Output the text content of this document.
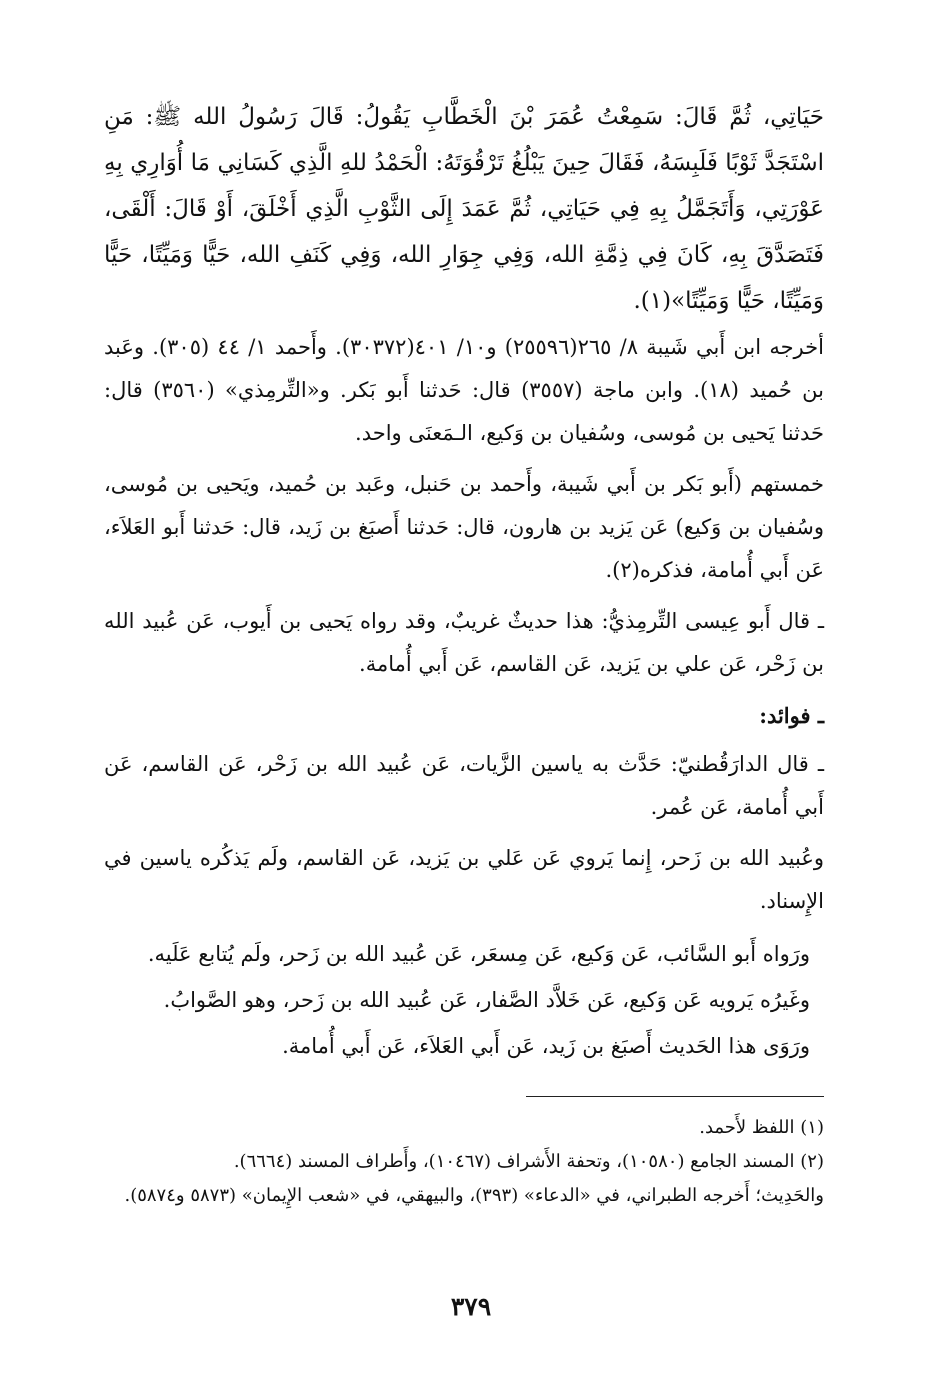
حَيَاتِي، ثُمَّ قَالَ: سَمِعْتُ عُمَرَ بْنَ الْخَطَّابِ يَقُولُ: قَالَ رَسُولُ الله ﷺ: مَنِ اسْتَجَدَّ ثَوْبًا فَلَبِسَهُ، فَقَالَ حِينَ يَبْلُغُ تَرْقُوَتَهُ: الْحَمْدُ للهِ الَّذِي كَسَانِي مَا أُوَارِي بِهِ عَوْرَتِي، وَأَتَجَمَّلُ بِهِ فِي حَيَاتِي، ثُمَّ عَمَدَ إِلَى الثَّوْبِ الَّذِي أَخْلَقَ، أَوْ قَالَ: أَلْقَى، فَتَصَدَّقَ بِهِ، كَانَ فِي ذِمَّةِ الله، وَفِي جِوَارِ الله، وَفِي كَنَفِ الله، حَيًّا وَمَيِّتًا، حَيًّا وَمَيِّتًا، حَيًّا وَمَيِّتًا»(١).

أخرجه ابن أَبي شَيبة ٨/ ٢٦٥(٢٥٥٩٦) و١٠/ ٤٠١(٣٠٣٧٢). وأَحمد ١/ ٤٤ (٣٠٥). وعَبد بن حُميد (١٨). وابن ماجة (٣٥٥٧) قال: حَدثنا أَبو بَكر. و«التِّرمِذي» (٣٥٦٠) قال: حَدثنا يَحيى بن مُوسى، وسُفيان بن وَكيع، الـمَعنَى واحد.

خمستهم (أَبو بَكر بن أَبي شَيبة، وأَحمد بن حَنبل، وعَبد بن حُميد، ويَحيى بن مُوسى، وسُفيان بن وَكيع) عَن يَزيد بن هارون، قال: حَدثنا أَصبَغ بن زَيد، قال: حَدثنا أَبو العَلاَء، عَن أَبي أُمامة، فذكره(٢).

ـ قال أَبو عِيسى التِّرمِذيُّ: هذا حديثٌ غريبٌ، وقد رواه يَحيى بن أَيوب، عَن عُبيد الله بن زَحْر، عَن علي بن يَزيد، عَن القاسم، عَن أَبي أُمامة.

ـ فوائد:

ـ قال الدارَقُطنيّ: حَدَّث به ياسين الزَّيات، عَن عُبيد الله بن زَحْر، عَن القاسم، عَن أَبي أُمامة، عَن عُمر.

وعُبيد الله بن زَحر، إِنما يَروي عَن عَلي بن يَزيد، عَن القاسم، ولَم يَذكُره ياسين في الإِسناد.

ورَواه أَبو السَّائب، عَن وَكيع، عَن مِسعَر، عَن عُبيد الله بن زَحر، ولَم يُتابع عَلَيه.

وغَيرُه يَرويه عَن وَكيع، عَن خَلاَّد الصَّفار، عَن عُبيد الله بن زَحر، وهو الصَّوابُ.

ورَوَى هذا الحَديث أَصبَغ بن زَيد، عَن أَبي العَلاَء، عَن أَبي أُمامة.

(١) اللفظ لأَحمد.

(٢) المسند الجامع (١٠٥٨٠)، وتحفة الأَشراف (١٠٤٦٧)، وأَطراف المسند (٦٦٦٤).

والحَدِيث؛ أَخرجه الطبراني، في «الدعاء» (٣٩٣)، والبيهقي، في «شعب الإِيمان» (٥٨٧٣ و٥٨٧٤).

٣٧٩
